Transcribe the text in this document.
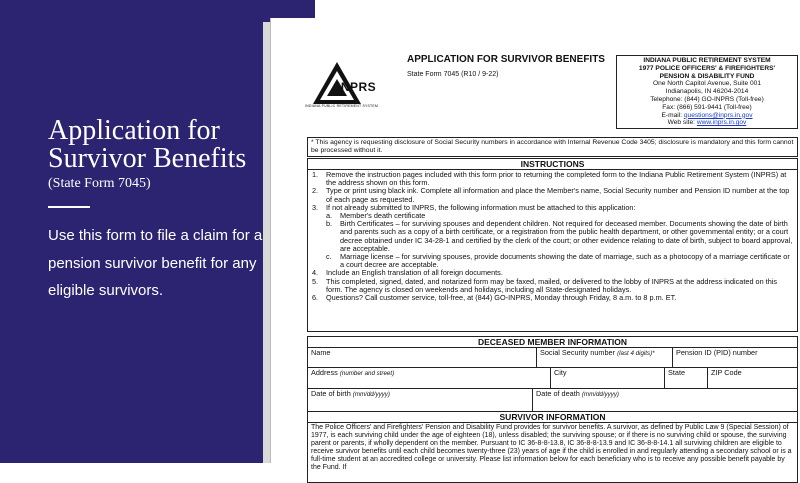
Application for Survivor Benefits
(State Form 7045)
Use this form to file a claim for a pension survivor benefit for any eligible survivors.
INPRS
INDIANA PUBLIC RETIREMENT SYSTEM
APPLICATION FOR SURVIVOR BENEFITS
State Form 7045 (R10 / 9-22)
INDIANA PUBLIC RETIREMENT SYSTEM
1977 POLICE OFFICERS' & FIREFIGHTERS'
PENSION & DISABILITY FUND
One North Capitol Avenue, Suite 001
Indianapolis, IN 46204-2014
Telephone: (844) GO-INPRS (Toll-free)
Fax: (866) 591-9441 (Toll-free)
E-mail: questions@inprs.in.gov
Web site: www.inprs.in.gov
* This agency is requesting disclosure of Social Security numbers in accordance with Internal Revenue Code 3405; disclosure is mandatory and this form cannot be processed without it.
INSTRUCTIONS
1.	Remove the instruction pages included with this form prior to returning the completed form to the Indiana Public Retirement System (INPRS) at the address shown on this form.
2.	Type or print using black ink. Complete all information and place the Member's name, Social Security number and Pension ID number at the top of each page as requested.
3.	If not already submitted to INPRS, the following information must be attached to this application:
a.	Member's death certificate
b.	Birth Certificates – for surviving spouses and dependent children. Not required for deceased member. Documents showing the date of birth and parents such as a copy of a birth certificate, or a registration from the public health department, or other governmental entity; or a court decree obtained under IC 34-28-1 and certified by the clerk of the court; or other evidence relating to date of birth, subject to board approval, are acceptable.
c.	Marriage license – for surviving spouses, provide documents showing the date of marriage, such as a photocopy of a marriage certificate or a court decree are acceptable.
4.	Include an English translation of all foreign documents.
5.	This completed, signed, dated, and notarized form may be faxed, mailed, or delivered to the lobby of INPRS at the address indicated on this form. The agency is closed on weekends and holidays, including all State-designated holidays.
6.	Questions? Call customer service, toll-free, at (844) GO-INPRS, Monday through Friday, 8 a.m. to 8 p.m. ET.
DECEASED MEMBER INFORMATION
Name	Social Security number (last 4 digits)*	Pension ID (PID) number
Address (number and street)	City	State	ZIP Code
Date of birth (mm/dd/yyyy)	Date of death (mm/dd/yyyy)
SURVIVOR INFORMATION
The Police Officers' and Firefighters' Pension and Disability Fund provides for survivor benefits. A survivor, as defined by Public Law 9 (Special Session) of 1977, is each surviving child under the age of eighteen (18), unless disabled; the surviving spouse; or if there is no surviving child or spouse, the surviving parent or parents, if wholly dependent on the member. Pursuant to IC 36-8-8-13.8, IC 36-8-8-13.9 and IC 36-8-8-14.1 all surviving children are eligible to receive survivor benefits until each child becomes twenty-three (23) years of age if the child is enrolled in and regularly attending a secondary school or is a full-time student at an accredited college or university. Please list information below for each beneficiary who is to receive any possible benefit payable by the Fund. If
